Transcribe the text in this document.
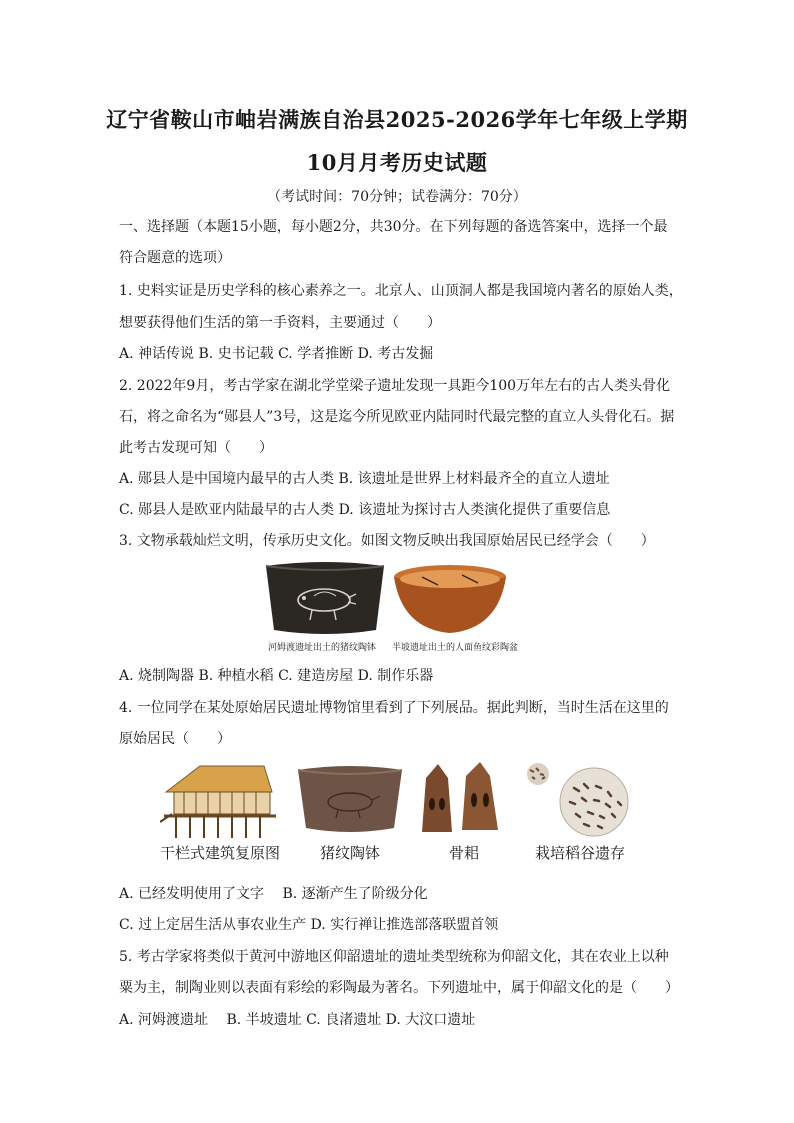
辽宁省鞍山市岫岩满族自治县2025-2026学年七年级上学期
10月月考历史试题
（考试时间：70分钟；试卷满分：70分）
一、选择题（本题15小题，每小题2分，共30分。在下列每题的备选答案中，选择一个最
符合题意的选项）
1. 史料实证是历史学科的核心素养之一。北京人、山顶洞人都是我国境内著名的原始人类，
想要获得他们生活的第一手资料，主要通过（　　）
A. 神话传说 B. 史书记载 C. 学者推断 D. 考古发掘
2. 2022年9月，考古学家在湖北学堂梁子遗址发现一具距今100万年左右的古人类头骨化
石，将之命名为“郧县人”3号，这是迄今所见欧亚内陆同时代最完整的直立人头骨化石。据
此考古发现可知（　　）
A. 郧县人是中国境内最早的古人类 B. 该遗址是世界上材料最齐全的直立人遗址
C. 郧县人是欧亚内陆最早的古人类 D. 该遗址为探讨古人类演化提供了重要信息
3. 文物承载灿烂文明，传承历史文化。如图文物反映出我国原始居民已经学会（　　）
河姆渡遗址出土的猪纹陶钵 半坡遗址出土的人面鱼纹彩陶盆
A. 烧制陶器 B. 种植水稻 C. 建造房屋 D. 制作乐器
4. 一位同学在某处原始居民遗址博物馆里看到了下列展品。据此判断，当时生活在这里的
原始居民（　　）
干栏式建筑复原图	猪纹陶钵	骨耜	栽培稻谷遗存
A. 已经发明使用了文字　 B. 逐渐产生了阶级分化
C. 过上定居生活从事农业生产 D. 实行禅让推选部落联盟首领
5. 考古学家将类似于黄河中游地区仰韶遗址的遗址类型统称为仰韶文化，其在农业上以种
粟为主，制陶业则以表面有彩绘的彩陶最为著名。下列遗址中，属于仰韶文化的是（　　）
A. 河姆渡遗址　 B. 半坡遗址 C. 良渚遗址 D. 大汶口遗址
